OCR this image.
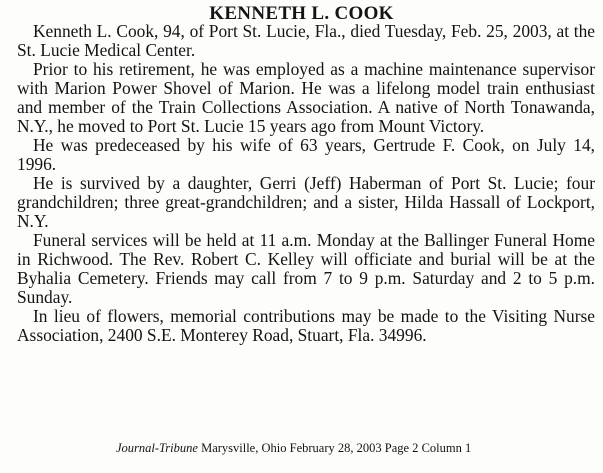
KENNETH L. COOK

Kenneth L. Cook, 94, of Port St. Lucie, Fla., died Tuesday, Feb. 25, 2003, at the St. Lucie Medical Center.

Prior to his retirement, he was employed as a machine maintenance supervisor with Marion Power Shovel of Marion. He was a lifelong model train enthusiast and member of the Train Collections Association. A native of North Tonawanda, N.Y., he moved to Port St. Lucie 15 years ago from Mount Victory.

He was predeceased by his wife of 63 years, Gertrude F. Cook, on July 14, 1996.

He is survived by a daughter, Gerri (Jeff) Haberman of Port St. Lucie; four grandchildren; three great-grandchildren; and a sister, Hilda Hassall of Lockport, N.Y.

Funeral services will be held at 11 a.m. Monday at the Ballinger Funeral Home in Richwood. The Rev. Robert C. Kelley will officiate and burial will be at the Byhalia Cemetery. Friends may call from 7 to 9 p.m. Saturday and 2 to 5 p.m. Sunday.

In lieu of flowers, memorial contributions may be made to the Visiting Nurse Association, 2400 S.E. Monterey Road, Stuart, Fla. 34996.

Journal-Tribune Marysville, Ohio February 28, 2003 Page 2 Column 1
